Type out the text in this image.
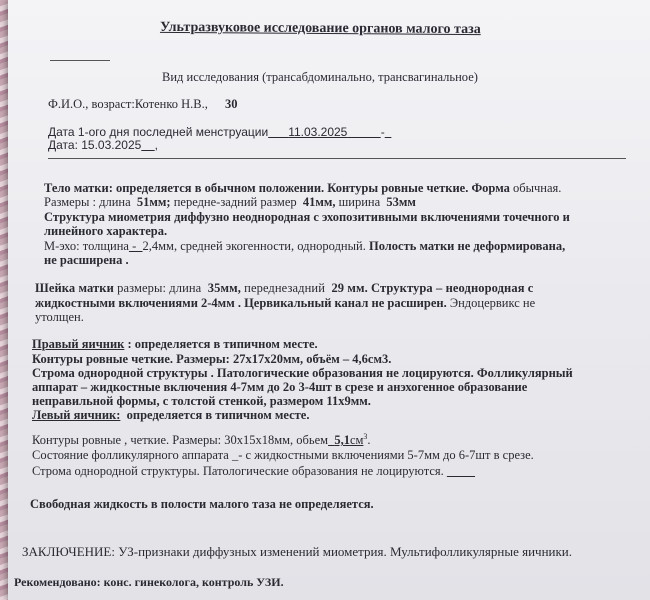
Ультразвуковое исследование органов малого таза
Вид исследования (трансабдоминально, трансвагинальное)
Ф.И.О., возраст:Котенко Н.В., 30
Дата 1-ого дня последней менструации 11.03.2025	-
Дата: 15.03.2025 ,
Тело матки: определяется в обычном положении. Контуры ровные четкие. Форма обычная.
Размеры : длина 51мм; передне-задний размер 41мм, ширина 53мм
Структура миометрия диффузно неоднородная с эхопозитивными включениями точечного и
линейного характера.
М-эхо: толщина -  2,4мм, средней экогенности, однородный. Полость матки не деформирована,
не расширена .
Шейка матки размеры: длина 35мм, переднезадний 29 мм. Структура – неоднородная с
жидкостными включениями 2-4мм . Цервикальный канал не расширен. Эндоцервикс не
утолщен.
Правый яичник : определяется в типичном месте.
Контуры ровные четкие. Размеры: 27х17х20мм, объём – 4,6см3.
Строма однородной структуры . Патологические образования не лоцируются. Фолликулярный
аппарат – жидкостные включения 4-7мм до 2о 3-4шт в срезе и анэхогенное образование
неправильной формы, с толстой стенкой, размером 11х9мм.
Левый яичник: определяется в типичном месте.
Контуры ровные , четкие. Размеры: 30х15х18мм, обьем $5,1см^3$.
Состояние фолликулярного аппарата _- с жидкостными включениями 5-7мм до 6-7шт в срезе.
Строма однородной структуры. Патологические образования не лоцируются.
Свободная жидкость в полости малого таза не определяется.
ЗАКЛЮЧЕНИЕ: УЗ-признаки диффузных изменений миометрия. Мультифолликулярные яичники.
Рекомендовано: конс. гинеколога, контроль УЗИ.
